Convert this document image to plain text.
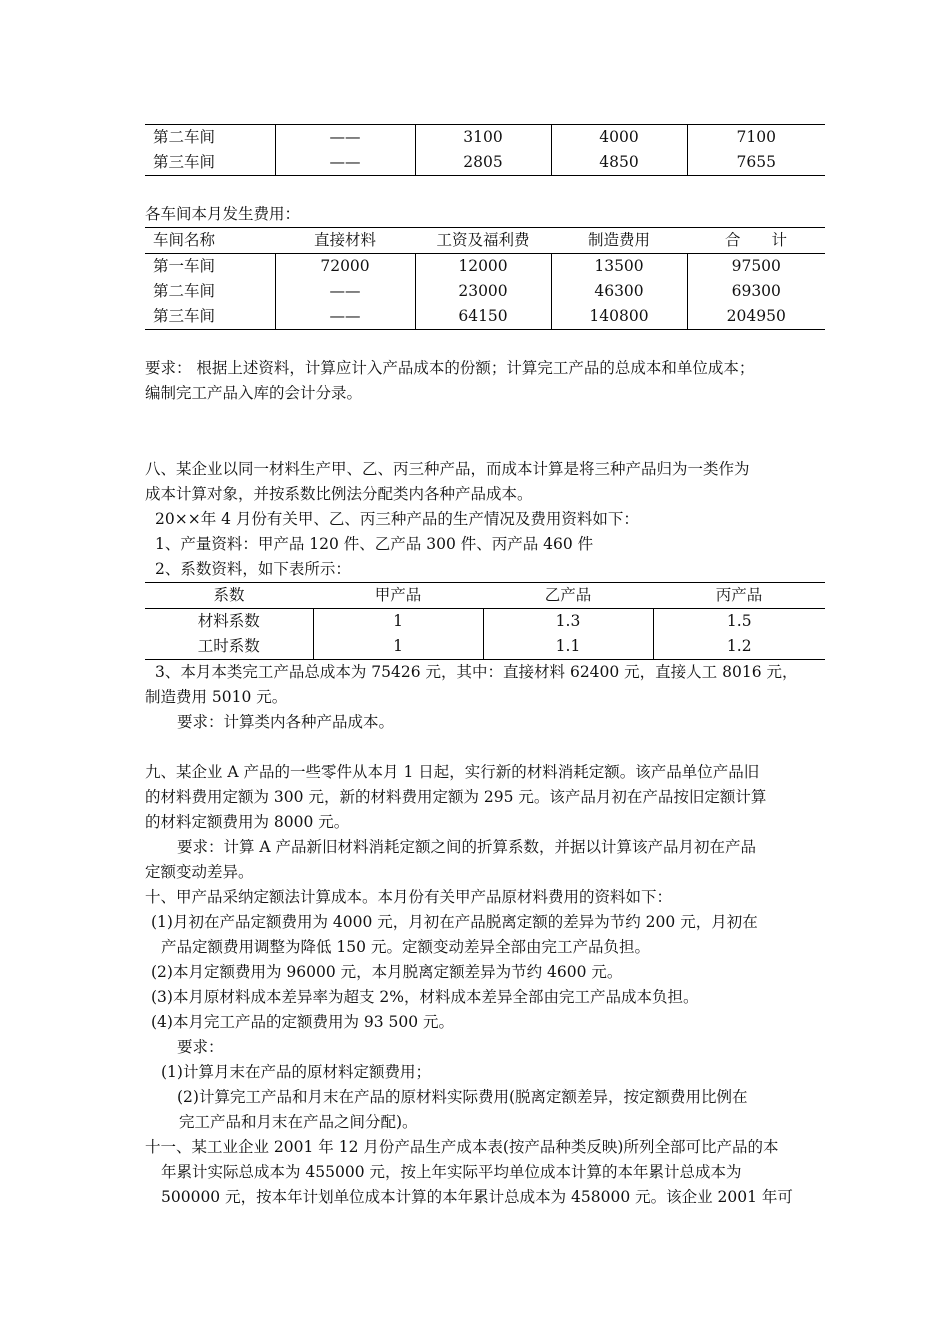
第二车间	——	3100	4000	7100
第三车间	——	2805	4850	7655

各车间本月发生费用：

车间名称	直接材料	工资及福利费	制造费用	合　　计
第一车间	72000	12000	13500	97500
第二车间	——	23000	46300	69300
第三车间	——	64150	140800	204950

要求： 根据上述资料，计算应计入产品成本的份额；计算完工产品的总成本和单位成本；

编制完工产品入库的会计分录。

八、某企业以同一材料生产甲、乙、丙三种产品，而成本计算是将三种产品归为一类作为

成本计算对象，并按系数比例法分配类内各种产品成本。

20××年 4 月份有关甲、乙、丙三种产品的生产情况及费用资料如下：

1、产量资料：甲产品 120 件、乙产品 300 件、丙产品 460 件

2、系数资料，如下表所示：

系数	甲产品	乙产品	丙产品
材料系数	1	1.3	1.5
工时系数	1	1.1	1.2

3、本月本类完工产品总成本为 75426 元，其中：直接材料 62400 元，直接人工 8016 元，

制造费用 5010 元。

要求：计算类内各种产品成本。

九、某企业 A 产品的一些零件从本月 1 日起，实行新的材料消耗定额。该产品单位产品旧

的材料费用定额为 300 元，新的材料费用定额为 295 元。该产品月初在产品按旧定额计算

的材料定额费用为 8000 元。

要求：计算 A 产品新旧材料消耗定额之间的折算系数，并据以计算该产品月初在产品

定额变动差异。

十、甲产品采纳定额法计算成本。本月份有关甲产品原材料费用的资料如下：

(1)月初在产品定额费用为 4000 元，月初在产品脱离定额的差异为节约 200 元，月初在

产品定额费用调整为降低 150 元。定额变动差异全部由完工产品负担。

(2)本月定额费用为 96000 元，本月脱离定额差异为节约 4600 元。

(3)本月原材料成本差异率为超支 2%，材料成本差异全部由完工产品成本负担。

(4)本月完工产品的定额费用为 93 500 元。

要求：

(1)计算月末在产品的原材料定额费用；

(2)计算完工产品和月末在产品的原材料实际费用(脱离定额差异，按定额费用比例在

完工产品和月末在产品之间分配)。

十一、某工业企业 2001 年 12 月份产品生产成本表(按产品种类反映)所列全部可比产品的本

年累计实际总成本为 455000 元，按上年实际平均单位成本计算的本年累计总成本为

500000 元，按本年计划单位成本计算的本年累计总成本为 458000 元。该企业 2001 年可
